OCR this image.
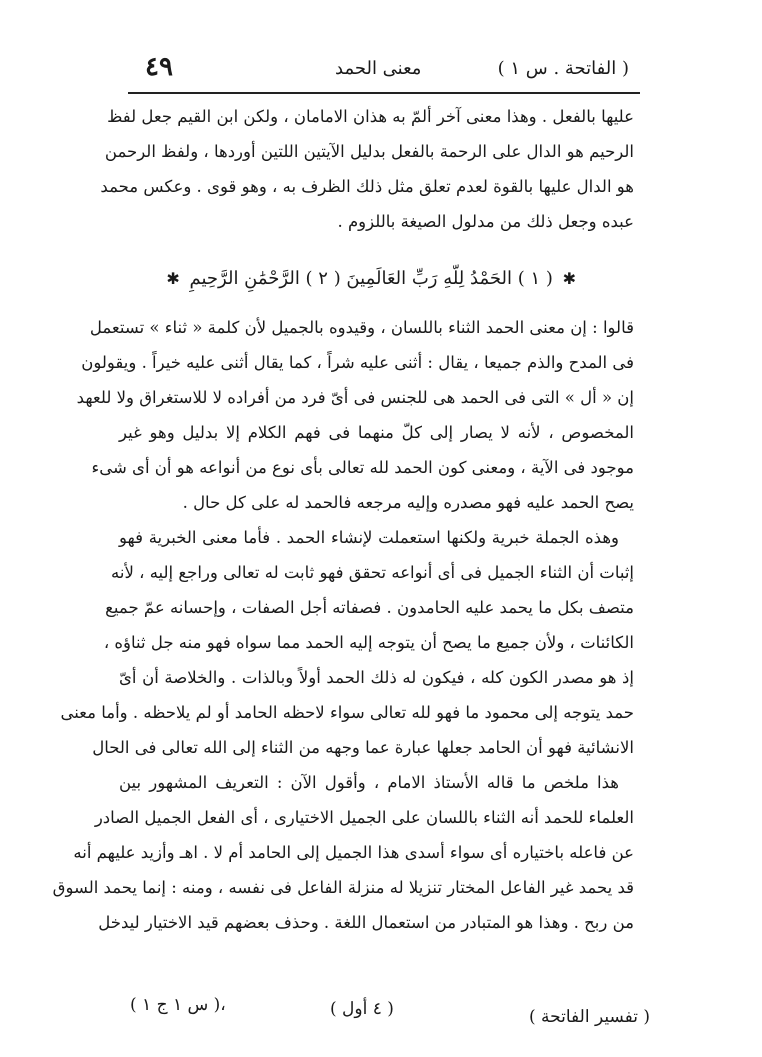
٤٩	معنى الحمد	( الفاتحة . س ١ )
عليها بالفعل . وهذا معنى آخر ألمّ به هذان الامامان ، ولكن ابن القيم جعل لفظ
الرحيم هو الدال على الرحمة بالفعل بدليل الآيتين اللتين أوردها ، ولفظ الرحمن
هو الدال عليها بالقوة لعدم تعلق مثل ذلك الظرف به ، وهو قوى . وعكس محمد
عبده وجعل ذلك من مدلول الصيغة باللزوم .
✱ ( ١ ) الحَمْدُ لِلّهِ رَبِّ العَالَمِينَ ( ٢ ) الرَّحْمَٰنِ الرَّحِيمِ ✱
قالوا : إن معنى الحمد الثناء باللسان ، وقيدوه بالجميل لأن كلمة « ثناء » تستعمل
فى المدح والذم جميعا ، يقال : أثنى عليه شراً ، كما يقال أثنى عليه خيراً . ويقولون
إن « أل » التى فى الحمد هى للجنس فى أىّ فرد من أفراده لا للاستغراق ولا للعهد
المخصوص ، لأنه لا يصار إلى كلّ منهما فى فهم الكلام إلا بدليل وهو غير
موجود فى الآية ، ومعنى كون الحمد لله تعالى بأى نوع من أنواعه هو أن أى شىء
يصح الحمد عليه فهو مصدره وإليه مرجعه فالحمد له على كل حال .
وهذه الجملة خبرية ولكنها استعملت لإنشاء الحمد . فأما معنى الخبرية فهو
إثبات أن الثناء الجميل فى أى أنواعه تحقق فهو ثابت له تعالى وراجع إليه ، لأنه
متصف بكل ما يحمد عليه الحامدون . فصفاته أجل الصفات ، وإحسانه عمّ جميع
الكائنات ، ولأن جميع ما يصح أن يتوجه إليه الحمد مما سواه فهو منه جل ثناؤه ،
إذ هو مصدر الكون كله ، فيكون له ذلك الحمد أولاً وبالذات . والخلاصة أن أىّ
حمد يتوجه إلى محمود ما فهو لله تعالى سواء لاحظه الحامد أو لم يلاحظه . وأما معنى
الانشائية فهو أن الحامد جعلها عبارة عما وجهه من الثناء إلى الله تعالى فى الحال
هذا ملخص ما قاله الأستاذ الامام ، وأقول الآن : التعريف المشهور بين
العلماء للحمد أنه الثناء باللسان على الجميل الاختيارى ، أى الفعل الجميل الصادر
عن فاعله باختياره أى سواء أسدى هذا الجميل إلى الحامد أم لا . اهـ وأزيد عليهم أنه
قد يحمد غير الفاعل المختار تنزيلا له منزلة الفاعل فى نفسه ، ومنه : إنما يحمد السوق
من ربح . وهذا هو المتبادر من استعمال اللغة . وحذف بعضهم قيد الاختيار ليدخل
( تفسير الفاتحة )
( ٤ أول )
،( س ١ ج ١ )
